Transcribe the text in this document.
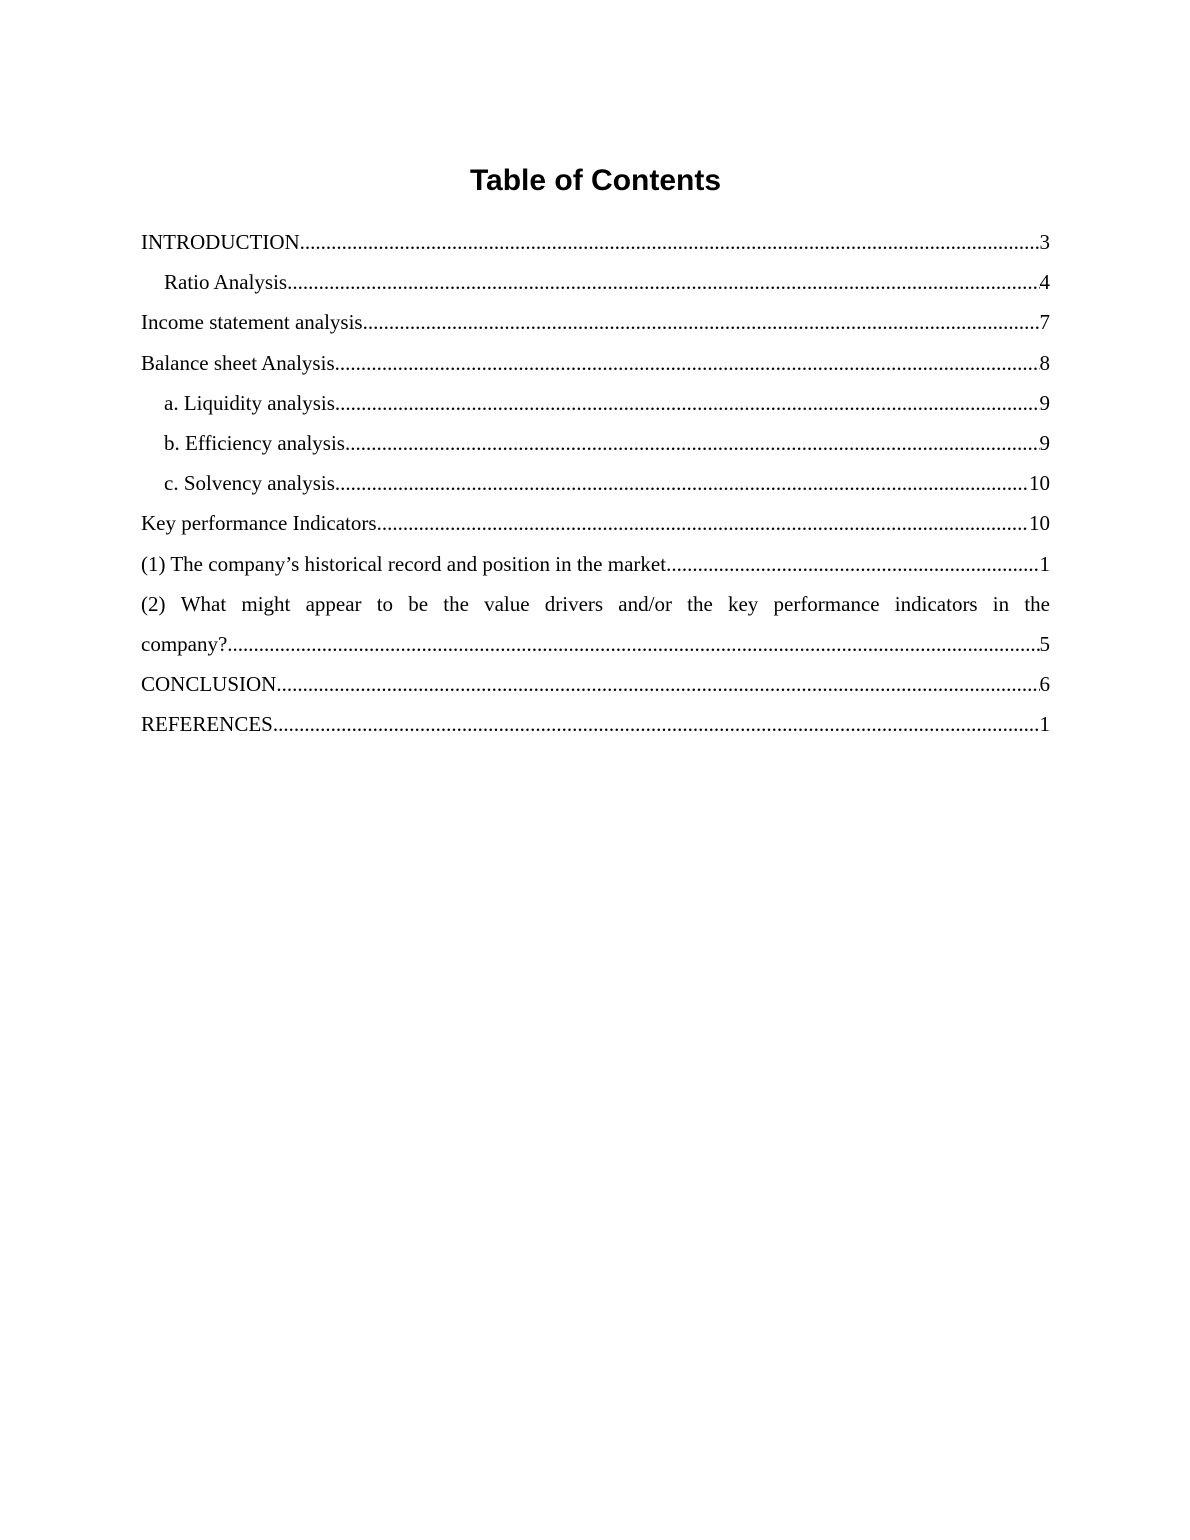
Table of Contents
INTRODUCTION .....	3
Ratio Analysis .....	4
Income statement analysis .....	7
Balance sheet Analysis .....	8
a. Liquidity analysis .....	9
b. Efficiency analysis .....	9
c. Solvency analysis .....	10
Key performance Indicators .....	10
(1) The company’s historical record and position in the market .....	1
(2) What might appear to be the value drivers and/or the key performance indicators in the
company? .....	5
CONCLUSION .....	6
REFERENCES .....	1
